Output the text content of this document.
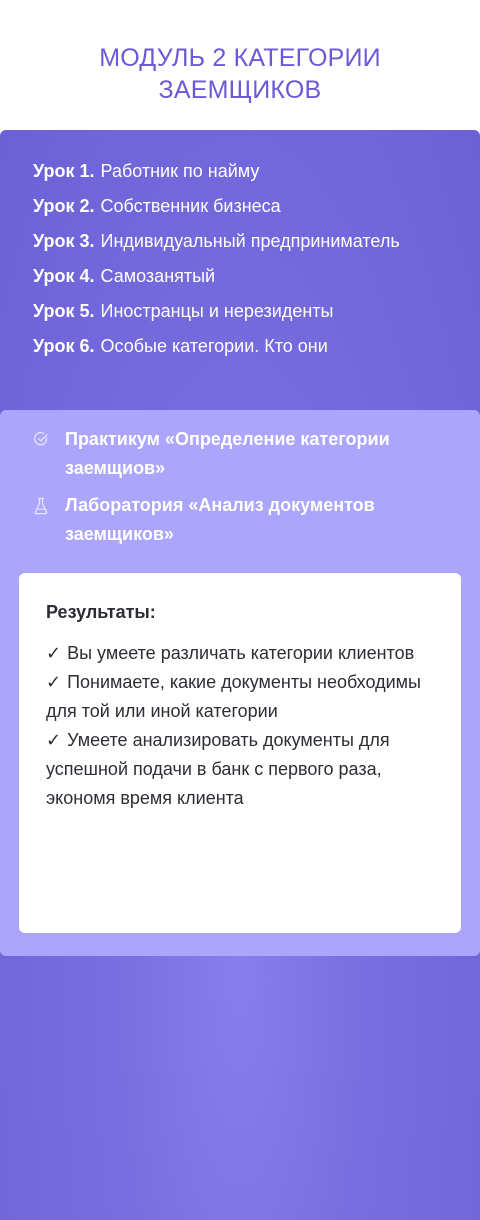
МОДУЛЬ 2 КАТЕГОРИИ
ЗАЕМЩИКОВ
Урок 1. Работник по найму
Урок 2. Собственник бизнеса
Урок 3. Индивидуальный предприниматель
Урок 4. Самозанятый
Урок 5. Иностранцы и нерезиденты
Урок 6. Особые категории. Кто они
Практикум «Определение категории заемщиов»
Лаборатория «Анализ документов заемщиков»
Результаты:
✓ Вы умеете различать категории клиентов
✓ Понимаете, какие документы необходимы для той или иной категории
✓ Умеете анализировать документы для успешной подачи в банк с первого раза, экономя время клиента
